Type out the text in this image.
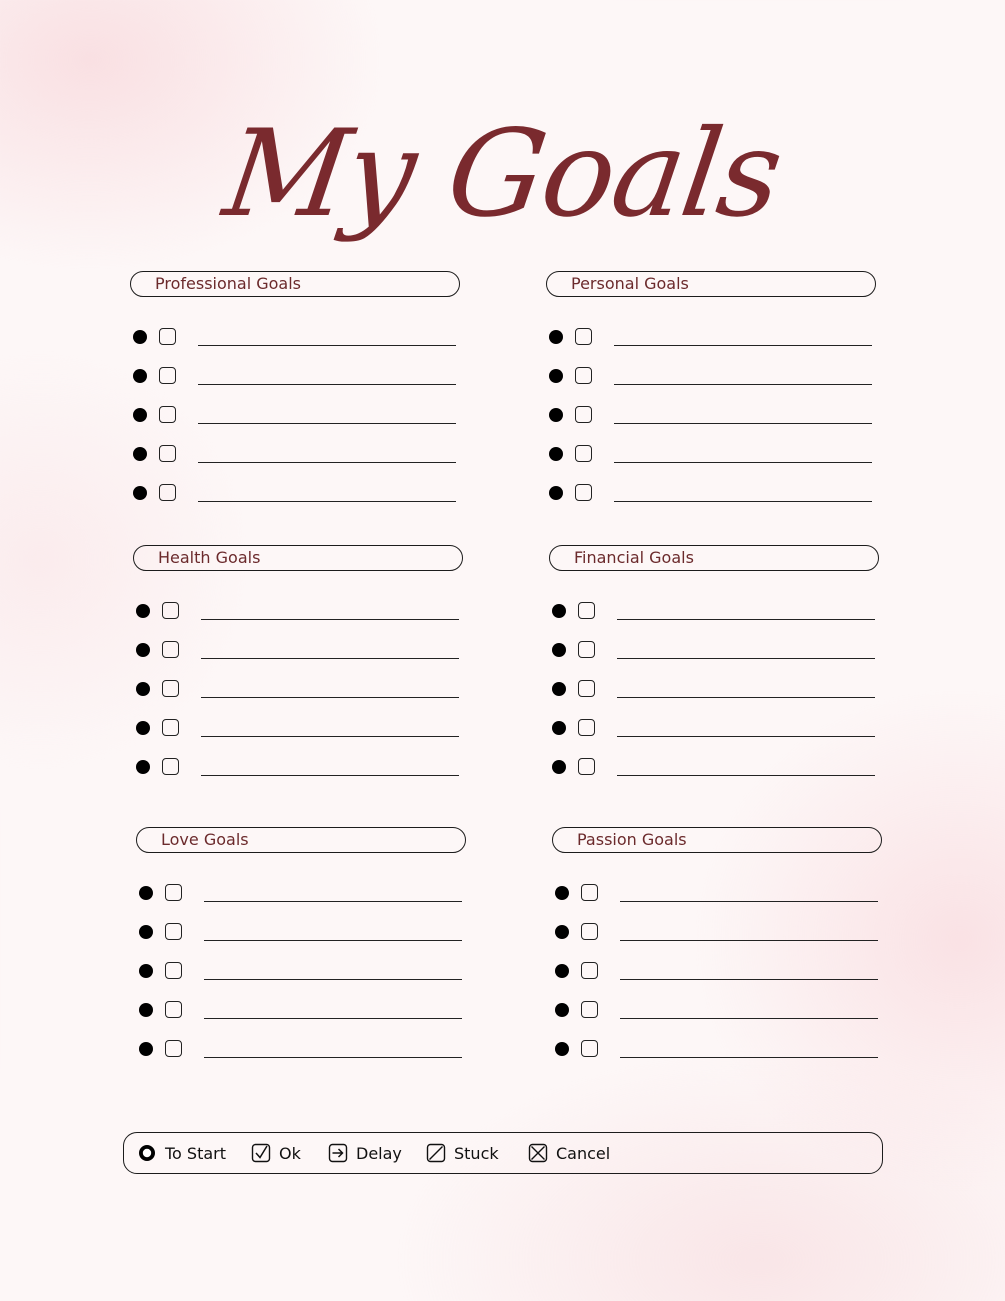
My Goals
Professional Goals	Personal Goals
Health Goals	Financial Goals
Love Goals	Passion Goals
To Start	Ok	Delay	Stuck	Cancel
